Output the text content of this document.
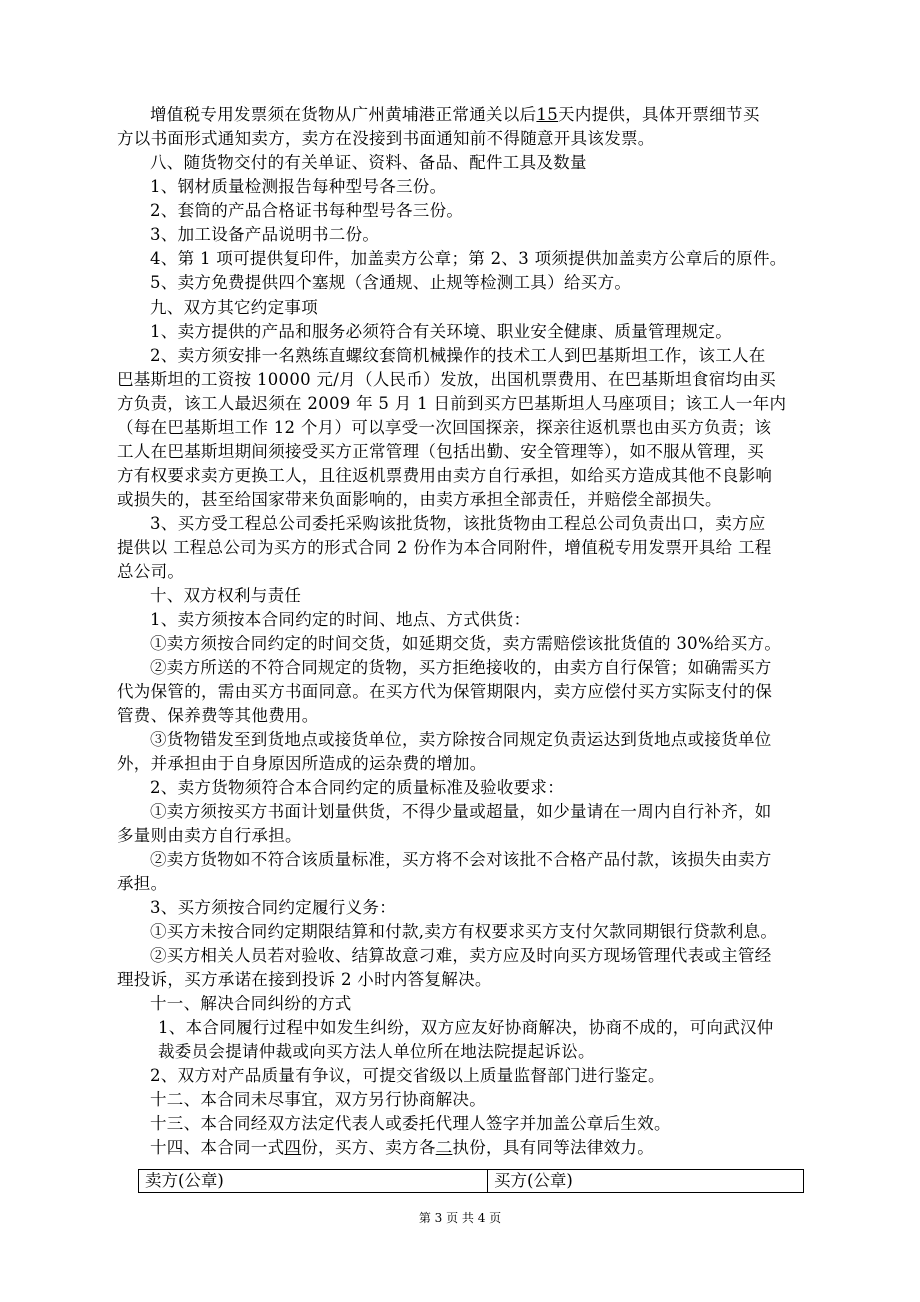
增值税专用发票须在货物从广州黄埔港正常通关以后15天内提供，具体开票细节买
方以书面形式通知卖方，卖方在没接到书面通知前不得随意开具该发票。
八、随货物交付的有关单证、资料、备品、配件工具及数量
1、钢材质量检测报告每种型号各三份。
2、套筒的产品合格证书每种型号各三份。
3、加工设备产品说明书二份。
4、第 1 项可提供复印件，加盖卖方公章；第 2、3 项须提供加盖卖方公章后的原件。
5、卖方免费提供四个塞规（含通规、止规等检测工具）给买方。
九、双方其它约定事项
1、卖方提供的产品和服务必须符合有关环境、职业安全健康、质量管理规定。
2、卖方须安排一名熟练直螺纹套筒机械操作的技术工人到巴基斯坦工作，该工人在
巴基斯坦的工资按 10000 元/月（人民币）发放，出国机票费用、在巴基斯坦食宿均由买
方负责，该工人最迟须在 2009 年 5 月 1 日前到买方巴基斯坦人马座项目；该工人一年内
（每在巴基斯坦工作 12 个月）可以享受一次回国探亲，探亲往返机票也由买方负责；该
工人在巴基斯坦期间须接受买方正常管理（包括出勤、安全管理等），如不服从管理，买
方有权要求卖方更换工人，且往返机票费用由卖方自行承担，如给买方造成其他不良影响
或损失的，甚至给国家带来负面影响的，由卖方承担全部责任，并赔偿全部损失。
3、买方受工程总公司委托采购该批货物，该批货物由工程总公司负责出口，卖方应
提供以 工程总公司为买方的形式合同 2 份作为本合同附件，增值税专用发票开具给 工程
总公司。
十、双方权利与责任
1、卖方须按本合同约定的时间、地点、方式供货：
①卖方须按合同约定的时间交货，如延期交货，卖方需赔偿该批货值的 30%给买方。
②卖方所送的不符合同规定的货物，买方拒绝接收的，由卖方自行保管；如确需买方
代为保管的，需由买方书面同意。在买方代为保管期限内，卖方应偿付买方实际支付的保
管费、保养费等其他费用。
③货物错发至到货地点或接货单位，卖方除按合同规定负责运达到货地点或接货单位
外，并承担由于自身原因所造成的运杂费的增加。
2、卖方货物须符合本合同约定的质量标准及验收要求：
①卖方须按买方书面计划量供货，不得少量或超量，如少量请在一周内自行补齐，如
多量则由卖方自行承担。
②卖方货物如不符合该质量标准，买方将不会对该批不合格产品付款，该损失由卖方
承担。
3、买方须按合同约定履行义务：
①买方未按合同约定期限结算和付款,卖方有权要求买方支付欠款同期银行贷款利息。
②买方相关人员若对验收、结算故意刁难，卖方应及时向买方现场管理代表或主管经
理投诉，买方承诺在接到投诉 2 小时内答复解决。
十一、解决合同纠纷的方式
1、本合同履行过程中如发生纠纷，双方应友好协商解决，协商不成的，可向武汉仲
裁委员会提请仲裁或向买方法人单位所在地法院提起诉讼。
2、双方对产品质量有争议，可提交省级以上质量监督部门进行鉴定。
十二、本合同未尽事宜，双方另行协商解决。
十三、本合同经双方法定代表人或委托代理人签字并加盖公章后生效。
十四、本合同一式四份，买方、卖方各二执份，具有同等法律效力。
卖方(公章)	买方(公章)
第 3 页 共 4 页
